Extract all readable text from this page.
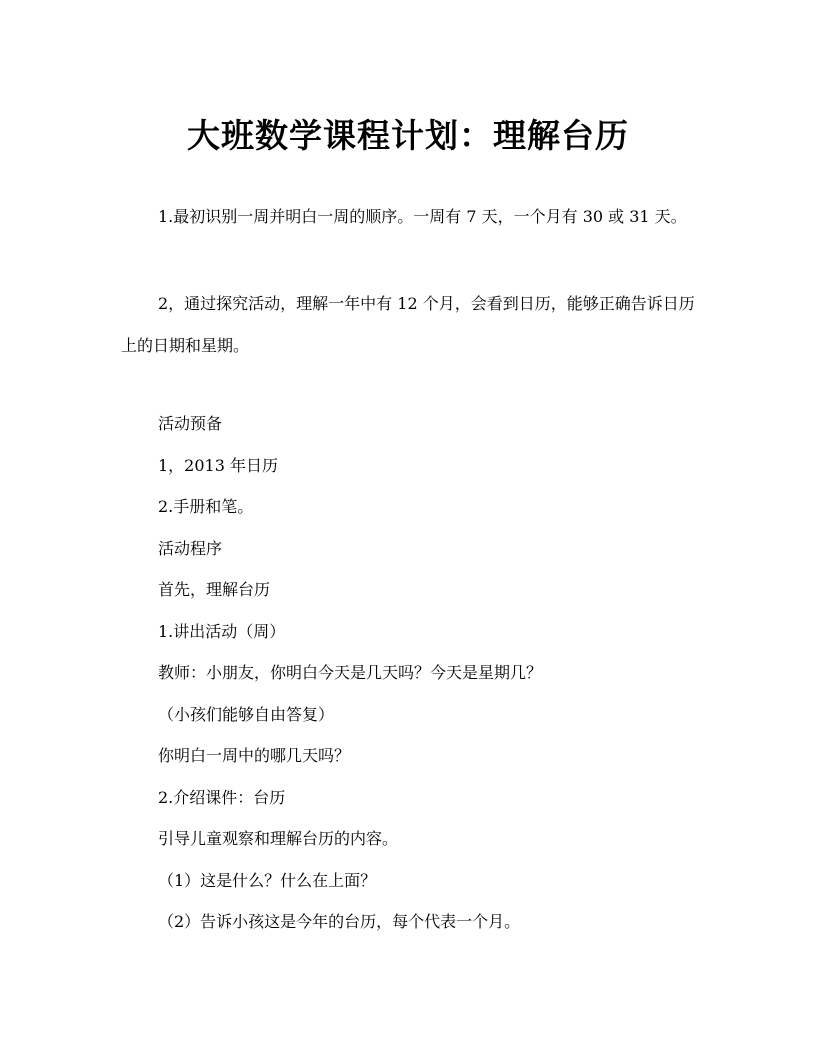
大班数学课程计划：理解台历

1.最初识别一周并明白一周的顺序。一周有 7 天，一个月有 30 或 31 天。

2，通过探究活动，理解一年中有 12 个月，会看到日历，能够正确告诉日历上的日期和星期。

活动预备

1，2013 年日历

2.手册和笔。

活动程序

首先，理解台历

1.讲出活动（周）

教师：小朋友，你明白今天是几天吗？今天是星期几？

（小孩们能够自由答复）

你明白一周中的哪几天吗？

2.介绍课件：台历

引导儿童观察和理解台历的内容。

（1）这是什么？什么在上面？

（2）告诉小孩这是今年的台历，每个代表一个月。
